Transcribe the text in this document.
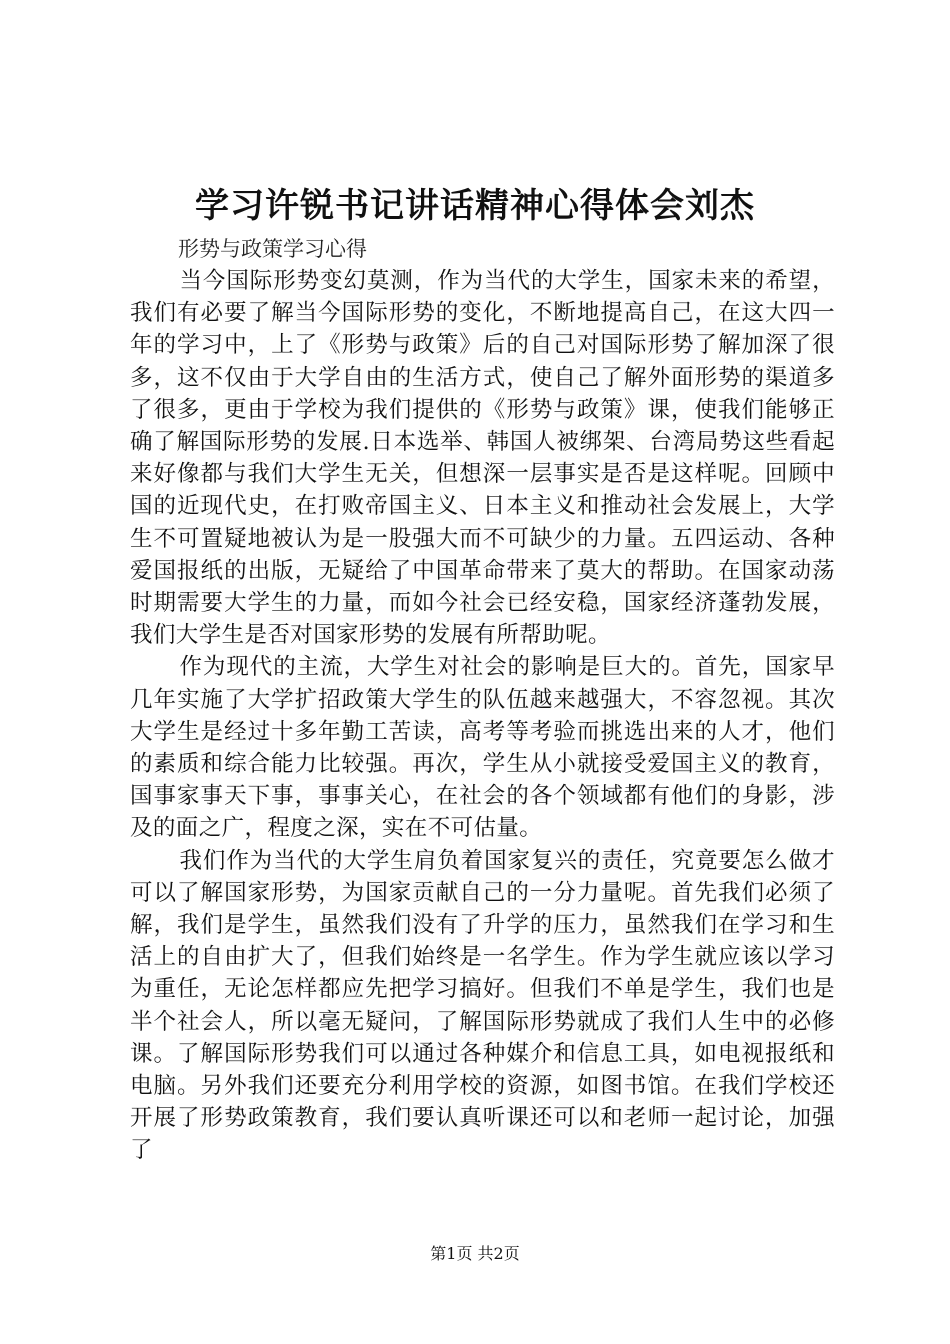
学习许锐书记讲话精神心得体会刘杰

形势与政策学习心得

当今国际形势变幻莫测，作为当代的大学生，国家未来的希望，我们有必要了解当今国际形势的变化，不断地提高自己，在这大四一年的学习中，上了《形势与政策》后的自己对国际形势了解加深了很多，这不仅由于大学自由的生活方式，使自己了解外面形势的渠道多了很多，更由于学校为我们提供的《形势与政策》课，使我们能够正确了解国际形势的发展.日本选举、韩国人被绑架、台湾局势这些看起来好像都与我们大学生无关，但想深一层事实是否是这样呢。回顾中国的近现代史，在打败帝国主义、日本主义和推动社会发展上，大学生不可置疑地被认为是一股强大而不可缺少的力量。五四运动、各种爱国报纸的出版，无疑给了中国革命带来了莫大的帮助。在国家动荡时期需要大学生的力量，而如今社会已经安稳，国家经济蓬勃发展，我们大学生是否对国家形势的发展有所帮助呢。

作为现代的主流，大学生对社会的影响是巨大的。首先，国家早几年实施了大学扩招政策大学生的队伍越来越强大，不容忽视。其次大学生是经过十多年勤工苦读，高考等考验而挑选出来的人才，他们的素质和综合能力比较强。再次，学生从小就接受爱国主义的教育，国事家事天下事，事事关心，在社会的各个领域都有他们的身影，涉及的面之广，程度之深，实在不可估量。

我们作为当代的大学生肩负着国家复兴的责任，究竟要怎么做才可以了解国家形势，为国家贡献自己的一分力量呢。首先我们必须了解，我们是学生，虽然我们没有了升学的压力，虽然我们在学习和生活上的自由扩大了，但我们始终是一名学生。作为学生就应该以学习为重任，无论怎样都应先把学习搞好。但我们不单是学生，我们也是半个社会人，所以毫无疑问，了解国际形势就成了我们人生中的必修课。了解国际形势我们可以通过各种媒介和信息工具，如电视报纸和电脑。另外我们还要充分利用学校的资源，如图书馆。在我们学校还开展了形势政策教育，我们要认真听课还可以和老师一起讨论，加强了

第1页 共2页
